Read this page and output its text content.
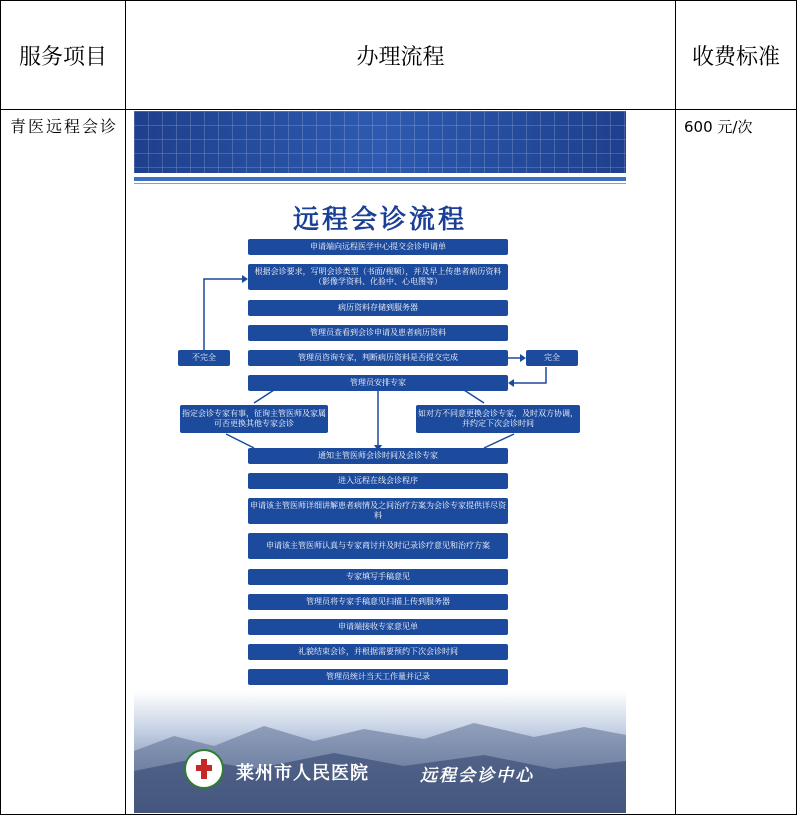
服务项目	办理流程	收费标准
青医远程会诊	600 元/次
远程会诊流程
申请端向远程医学中心提交会诊申请单
根据会诊要求，写明会诊类型（书面/视频），并及早上传患者病历资料（影像学资料、化验中、心电图等）
病历资料存储到服务器
管理员查看到会诊申请及患者病历资料
管理员咨询专家，判断病历资料是否提交完成
管理员安排专家
不完全	完全
指定会诊专家有事，征询主管医师及家属可否更换其他专家会诊
如对方不同意更换会诊专家，及时双方协调，并约定下次会诊时间
通知主管医师会诊时间及会诊专家
进入远程在线会诊程序
申请该主管医师详细讲解患者病情及之间治疗方案为会诊专家提供详尽资料
申请该主管医师认真与专家商讨并及时记录诊疗意见和治疗方案
专家填写手稿意见
管理员将专家手稿意见扫描上传到服务器
申请端接收专家意见单
礼貌结束会诊，并根据需要预约下次会诊时间
管理员统计当天工作量并记录
莱州市人民医院	远程会诊中心
